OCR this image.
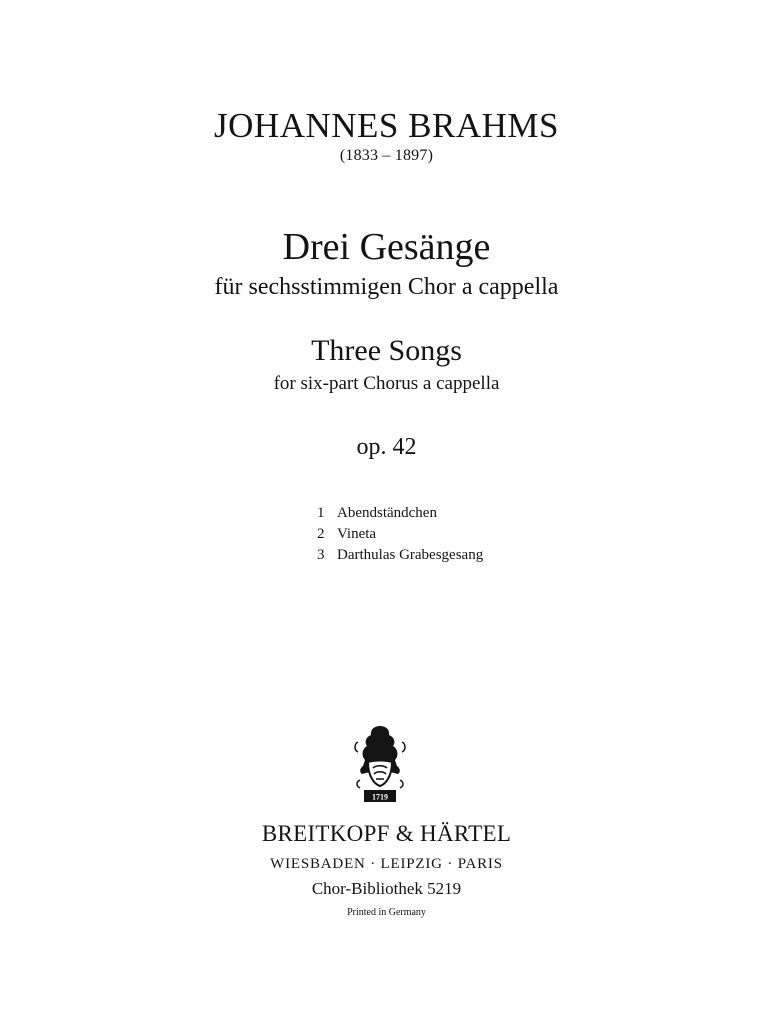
JOHANNES BRAHMS
(1833 – 1897)
Drei Gesänge
für sechsstimmigen Chor a cappella
Three Songs
for six-part Chorus a cappella
op. 42
1 Abendständchen
2 Vineta
3 Darthulas Grabesgesang
1719
BREITKOPF & HÄRTEL
WIESBADEN · LEIPZIG · PARIS
Chor-Bibliothek 5219
Printed in Germany
